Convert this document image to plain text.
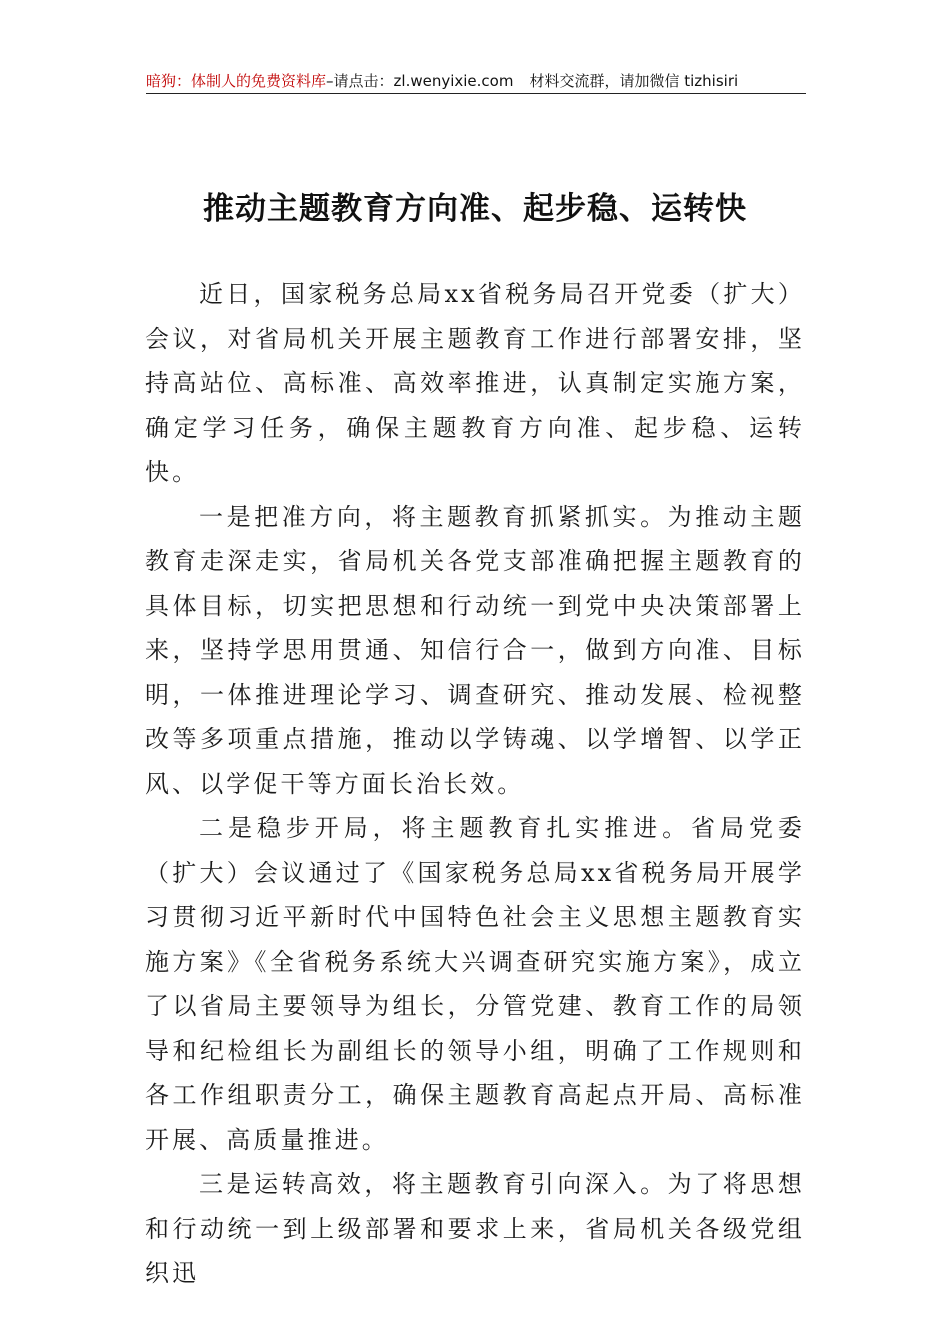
暗狗：体制人的免费资料库–请点击：zl.wenyixie.com 材料交流群，请加微信 tizhisiri
推动主题教育方向准、起步稳、运转快

近日，国家税务总局xx省税务局召开党委（扩大）会议，对省局机关开展主题教育工作进行部署安排，坚持高站位、高标准、高效率推进，认真制定实施方案，确定学习任务，确保主题教育方向准、起步稳、运转快。

一是把准方向，将主题教育抓紧抓实。为推动主题教育走深走实，省局机关各党支部准确把握主题教育的具体目标，切实把思想和行动统一到党中央决策部署上来，坚持学思用贯通、知信行合一，做到方向准、目标明，一体推进理论学习、调查研究、推动发展、检视整改等多项重点措施，推动以学铸魂、以学增智、以学正风、以学促干等方面长治长效。

二是稳步开局，将主题教育扎实推进。省局党委（扩大）会议通过了《国家税务总局xx省税务局开展学习贯彻习近平新时代中国特色社会主义思想主题教育实施方案》《全省税务系统大兴调查研究实施方案》，成立了以省局主要领导为组长，分管党建、教育工作的局领导和纪检组长为副组长的领导小组，明确了工作规则和各工作组职责分工，确保主题教育高起点开局、高标准开展、高质量推进。

三是运转高效，将主题教育引向深入。为了将思想和行动统一到上级部署和要求上来，省局机关各级党组织迅
